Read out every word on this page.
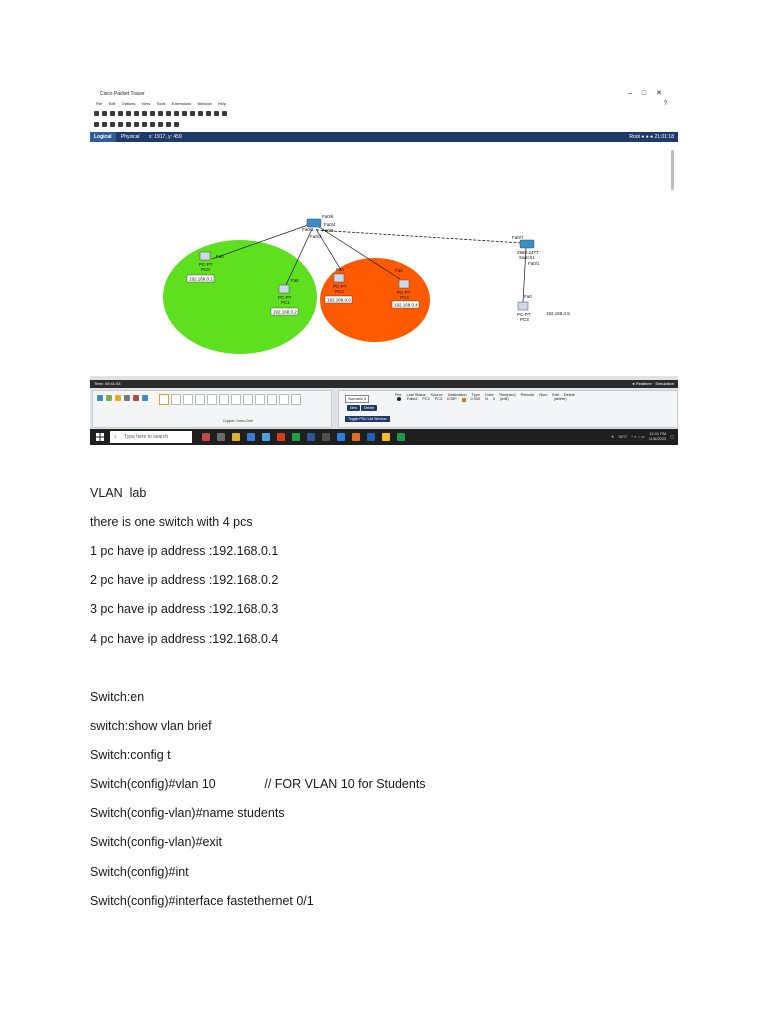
Cisco Packet Tracer	–□✕
File Edit Options View Tools Extensions Window Help	?
Logical Physical x: 1917, y: 459	Root ● ● ● 21:01:18
Fa0/6
Fa0/1
Fa0/4
Fa0/3
Fa0/2	Fa0/7
2960-24TT
Switch1
Fa0/1
Fa0
PC-PT
PC0
192.168.0.1	Fa0
PC-PT
PC1
192.168.0.2
Fa0
PC-PT
PC2
192.168.0.3
Fa0
PC-PT
PC4
192.168.0.4
Fa0
PC-PT
PC3
192.168.3.5
Time: 00:41:43	● Realtime · Simulation
Copper Cross-Over
Scenario 0
New	Delete
Toggle PDU List Window
Fire Last Status Source Destination Type Color Time(sec) Periodic Num Edit Delete
Failed PC2 PC3 ICMP	0.000 N 0 (edit)	(delete)
⌕ Type here to search	☀ 30°C ^ ◐ ♪ ▭ 11:01 PM
11/6/2023 ▢

VLAN  lab

there is one switch with 4 pcs

1 pc have ip address :192.168.0.1

2 pc have ip address :192.168.0.2

3 pc have ip address :192.168.0.3

4 pc have ip address :192.168.0.4

Switch:en

switch:show vlan brief

Switch:config t

Switch(config)#vlan 10              // FOR VLAN 10 for Students

Switch(config-vlan)#name students

Switch(config-vlan)#exit

Switch(config)#int

Switch(config)#interface fastethernet 0/1
